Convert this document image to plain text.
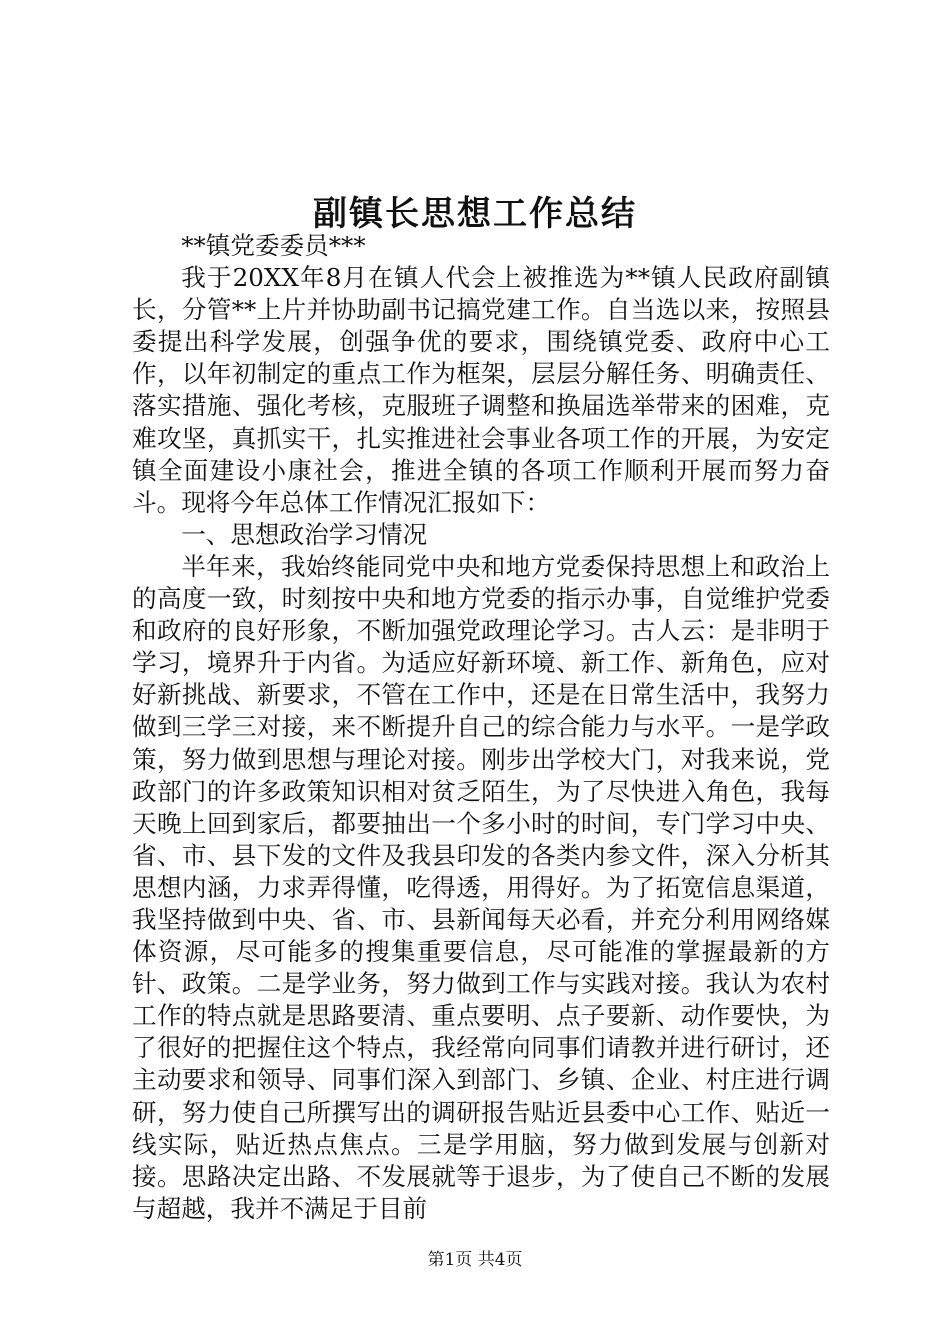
副镇长思想工作总结

**镇党委委员***

我于20XX年8月在镇人代会上被推选为**镇人民政府副镇长，分管**上片并协助副书记搞党建工作。自当选以来，按照县委提出科学发展，创强争优的要求，围绕镇党委、政府中心工作，以年初制定的重点工作为框架，层层分解任务、明确责任、落实措施、强化考核，克服班子调整和换届选举带来的困难，克难攻坚，真抓实干，扎实推进社会事业各项工作的开展，为安定镇全面建设小康社会，推进全镇的各项工作顺利开展而努力奋斗。现将今年总体工作情况汇报如下：

一、思想政治学习情况

半年来，我始终能同党中央和地方党委保持思想上和政治上的高度一致，时刻按中央和地方党委的指示办事，自觉维护党委和政府的良好形象，不断加强党政理论学习。古人云：是非明于学习，境界升于内省。为适应好新环境、新工作、新角色，应对好新挑战、新要求，不管在工作中，还是在日常生活中，我努力做到三学三对接，来不断提升自己的综合能力与水平。一是学政策，努力做到思想与理论对接。刚步出学校大门，对我来说，党政部门的许多政策知识相对贫乏陌生，为了尽快进入角色，我每天晚上回到家后，都要抽出一个多小时的时间，专门学习中央、省、市、县下发的文件及我县印发的各类内参文件，深入分析其思想内涵，力求弄得懂，吃得透，用得好。为了拓宽信息渠道，我坚持做到中央、省、市、县新闻每天必看，并充分利用网络媒体资源，尽可能多的搜集重要信息，尽可能准的掌握最新的方针、政策。二是学业务，努力做到工作与实践对接。我认为农村工作的特点就是思路要清、重点要明、点子要新、动作要快，为了很好的把握住这个特点，我经常向同事们请教并进行研讨，还主动要求和领导、同事们深入到部门、乡镇、企业、村庄进行调研，努力使自己所撰写出的调研报告贴近县委中心工作、贴近一线实际，贴近热点焦点。三是学用脑，努力做到发展与创新对接。思路决定出路、不发展就等于退步，为了使自己不断的发展与超越，我并不满足于目前

第1页 共4页
